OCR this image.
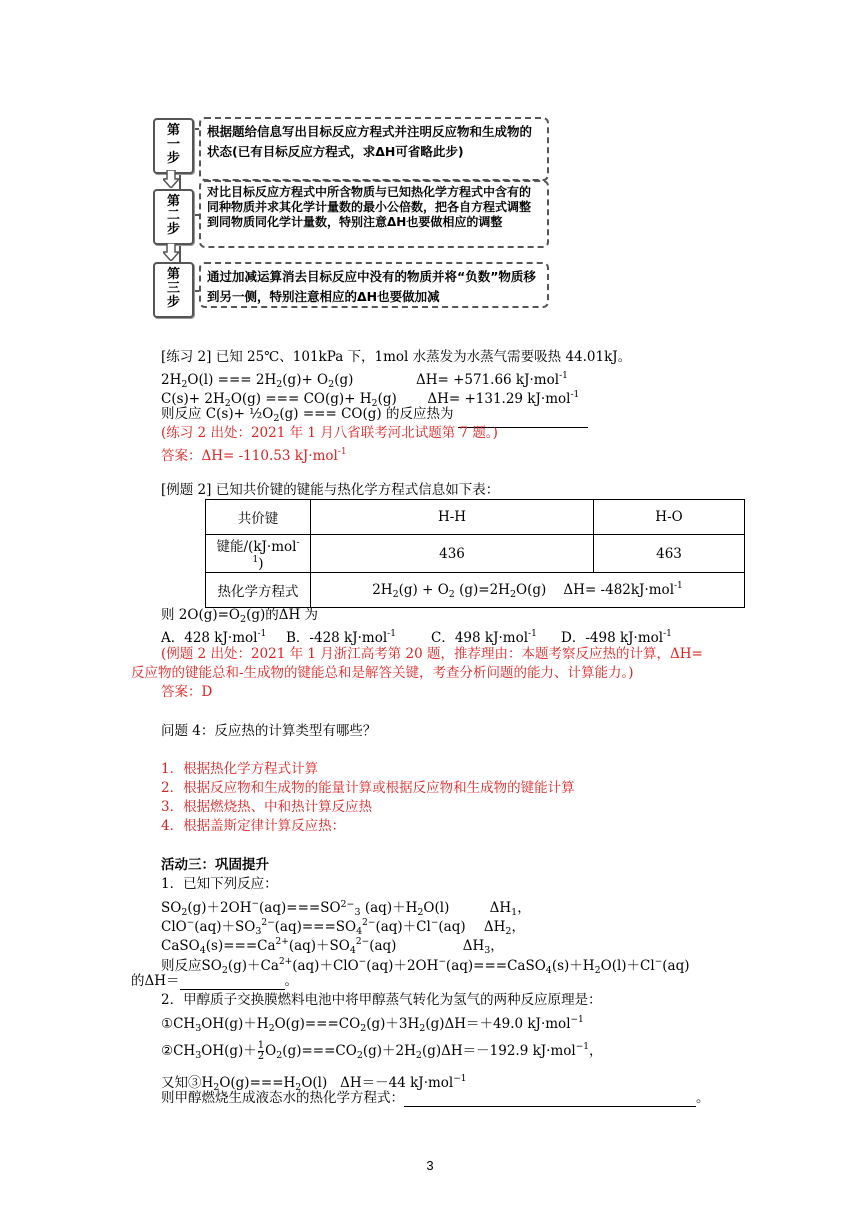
第一步
根据题给信息写出目标反应方程式并注明反应物和生成物的状态(已有目标反应方程式，求ΔH可省略此步)
第二步
对比目标反应方程式中所含物质与已知热化学方程式中含有的同种物质并求其化学计量数的最小公倍数，把各自方程式调整到同物质同化学计量数，特别注意ΔH也要做相应的调整
第三步
通过加减运算消去目标反应中没有的物质并将“负数”物质移到另一侧，特别注意相应的ΔH也要做加减
[练习 2] 已知 25℃、101kPa 下，1mol 水蒸发为水蒸气需要吸热 44.01kJ。
$2H_2O(l)$ === $2H_2(g)+ O_2(g)$	ΔH= +571.66 kJ·mol$^{-1}$
$C(s)+ 2H_2O(g)$ === $CO(g)+ H_2(g)$  ΔH= +131.29 kJ·mol$^{-1}$
则反应 $C(s)+ \frac{1}{2}O_2(g)$ === CO(g) 的反应热为
(练习 2 出处：2021 年 1 月八省联考河北试题第 7 题。)
答案：ΔH= -110.53 kJ·mol$^{-1}$
[例题 2] 已知共价键的键能与热化学方程式信息如下表：
共价键	H-H	H-O
键能/(kJ·mol$^{-1}$)	436	463
热化学方程式	$2H_2(g) + O_2$ $(g)=2H_2O(g)$    ΔH= -482kJ·mol$^{-1}$
则 $2O(g)=O_2(g)$的ΔH 为
A．428 kJ·mol$^{-1}$ B．-428 kJ·mol$^{-1}$	C．498 kJ·mol$^{-1}$ D．-498 kJ·mol$^{-1}$
(例题 2 出处：2021 年 1 月浙江高考第 20 题，推荐理由：本题考察反应热的计算，ΔH=
反应物的键能总和-生成物的键能总和是解答关键，考查分析问题的能力、计算能力。)
答案：D
问题 4：反应热的计算类型有哪些？
1．根据热化学方程式计算
2．根据反应物和生成物的能量计算或根据反应物和生成物的键能计算
3．根据燃烧热、中和热计算反应热
4．根据盖斯定律计算反应热：
活动三：巩固提升
1．已知下列反应：
$SO_2(g)+2OH^-(aq)===SO_{2-3}$ $(aq)+H_2O(l)$	$\Delta H_1$，
$ClO^-(aq)+SO_3^{2-}(aq)===SO_4^{2-}(aq)+Cl^-(aq)$ $\Delta H_2$，
$CaSO_4(s)===Ca^{2+}(aq)+SO_4^{2-}(aq)$	$\Delta H_3$，
则反应$SO_2(g)+Ca^{2+}(aq)+ClO^-(aq)+2OH^-(aq)===CaSO_4(s)+H_2O(l)+Cl^-(aq)$
的ΔH＝	。
2．甲醇质子交换膜燃料电池中将甲醇蒸气转化为氢气的两种反应原理是：
$①CH_3OH(g)+H_2O(g)===CO_2(g)+3H_2(g)\Delta H=+49.0$ kJ·mol$^{-1}$
$②CH_3OH(g)+ \frac{1}{2} O_2(g)===CO_2(g)+2H_2(g)\Delta H=-192.9$ kJ·mol$^{-1}$，
又知$③H_2O(g)===H_2O(l)$   ΔH＝－44 kJ·mol$^{-1}$
则甲醇燃烧生成液态水的热化学方程式：	。
3
